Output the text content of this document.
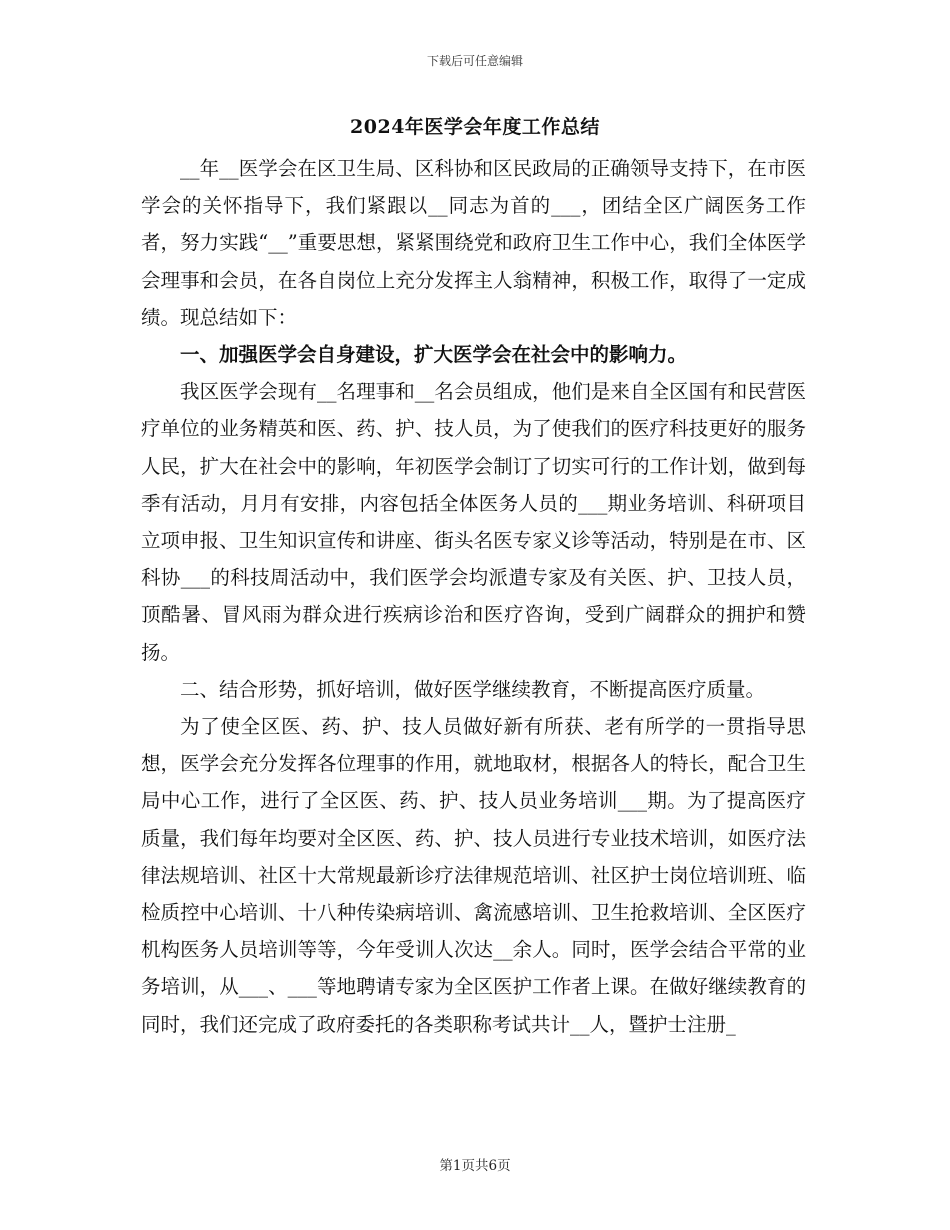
下载后可任意编辑
2024年医学会年度工作总结

__年__医学会在区卫生局、区科协和区民政局的正确领导支持下，在市医学会的关怀指导下，我们紧跟以__同志为首的___，团结全区广阔医务工作者，努力实践“__”重要思想，紧紧围绕党和政府卫生工作中心，我们全体医学会理事和会员，在各自岗位上充分发挥主人翁精神，积极工作，取得了一定成绩。现总结如下：

一、加强医学会自身建设，扩大医学会在社会中的影响力。

我区医学会现有__名理事和__名会员组成，他们是来自全区国有和民营医疗单位的业务精英和医、药、护、技人员，为了使我们的医疗科技更好的服务人民，扩大在社会中的影响，年初医学会制订了切实可行的工作计划，做到每季有活动，月月有安排，内容包括全体医务人员的___期业务培训、科研项目立项申报、卫生知识宣传和讲座、街头名医专家义诊等活动，特别是在市、区科协___的科技周活动中，我们医学会均派遣专家及有关医、护、卫技人员，顶酷暑、冒风雨为群众进行疾病诊治和医疗咨询，受到广阔群众的拥护和赞扬。

二、结合形势，抓好培训，做好医学继续教育，不断提高医疗质量。

为了使全区医、药、护、技人员做好新有所获、老有所学的一贯指导思想，医学会充分发挥各位理事的作用，就地取材，根据各人的特长，配合卫生局中心工作，进行了全区医、药、护、技人员业务培训___期。为了提高医疗质量，我们每年均要对全区医、药、护、技人员进行专业技术培训，如医疗法律法规培训、社区十大常规最新诊疗法律规范培训、社区护士岗位培训班、临检质控中心培训、十八种传染病培训、禽流感培训、卫生抢救培训、全区医疗机构医务人员培训等等，今年受训人次达__余人。同时，医学会结合平常的业务培训，从___、___等地聘请专家为全区医护工作者上课。在做好继续教育的同时，我们还完成了政府委托的各类职称考试共计__人，暨护士注册_

第1页共6页
